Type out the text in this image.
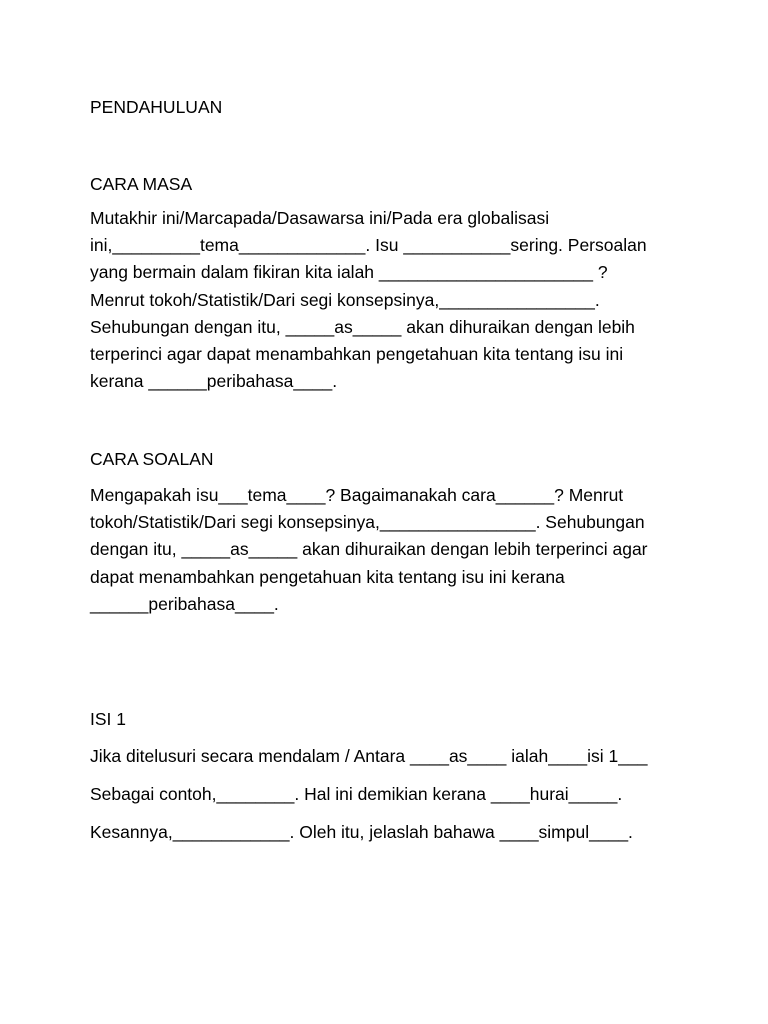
PENDAHULUAN
CARA MASA

Mutakhir ini/Marcapada/Dasawarsa ini/Pada era globalisasi

ini,_________tema_____________. Isu ___________sering. Persoalan

yang bermain dalam fikiran kita ialah ______________________ ?

Menrut tokoh/Statistik/Dari segi konsepsinya,________________.

Sehubungan dengan itu, _____as_____ akan dihuraikan dengan lebih

terperinci agar dapat menambahkan pengetahuan kita tentang isu ini

kerana ______peribahasa____.

CARA SOALAN

Mengapakah isu___tema____? Bagaimanakah cara______? Menrut

tokoh/Statistik/Dari segi konsepsinya,________________. Sehubungan

dengan itu, _____as_____ akan dihuraikan dengan lebih terperinci agar

dapat menambahkan pengetahuan kita tentang isu ini kerana

______peribahasa____.

ISI 1
Jika ditelusuri secara mendalam / Antara ____as____ ialah____isi 1___
Sebagai contoh,________. Hal ini demikian kerana ____hurai_____.
Kesannya,____________. Oleh itu, jelaslah bahawa ____simpul____.
